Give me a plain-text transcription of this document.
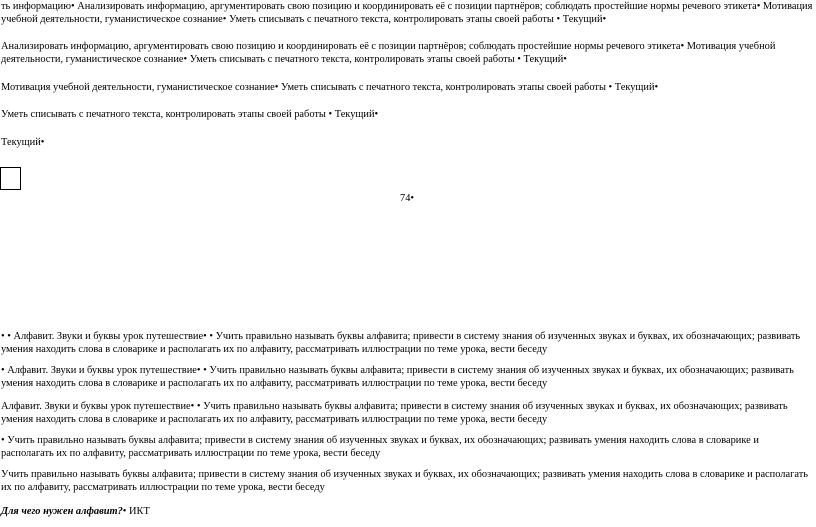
ть информацию• Анализировать информацию, аргументировать свою позицию и координировать её с позиции партнёров; соблюдать простейшие нормы речевого этикета• Мотивация учебной деятельности, гуманистическое сознание• Уметь списывать с печатного текста, контролировать этапы своей работы • Текущий•

Анализировать информацию, аргументировать свою позицию и координировать её с позиции партнёров; соблюдать простейшие нормы речевого этикета• Мотивация учебной деятельности, гуманистическое сознание• Уметь списывать с печатного текста, контролировать этапы своей работы • Текущий•

Мотивация учебной деятельности, гуманистическое сознание• Уметь списывать с печатного текста, контролировать этапы своей работы • Текущий•

Уметь списывать с печатного текста, контролировать этапы своей работы • Текущий•

Текущий•

74•

• • Алфавит. Звуки и буквы урок путешествие• • Учить правильно называть буквы алфавита; привести в систему знания об изученных звуках и буквах, их обозначающих; развивать умения находить слова в словарике и располагать их по алфавиту, рассматривать иллюстрации по теме урока, вести беседу

• Алфавит. Звуки и буквы урок путешествие• • Учить правильно называть буквы алфавита; привести в систему знания об изученных звуках и буквах, их обозначающих; развивать умения находить слова в словарике и располагать их по алфавиту, рассматривать иллюстрации по теме урока, вести беседу

Алфавит. Звуки и буквы урок путешествие• • Учить правильно называть буквы алфавита; привести в систему знания об изученных звуках и буквах, их обозначающих; развивать умения находить слова в словарике и располагать их по алфавиту, рассматривать иллюстрации по теме урока, вести беседу

• Учить правильно называть буквы алфавита; привести в систему знания об изученных звуках и буквах, их обозначающих; развивать умения находить слова в словарике и располагать их по алфавиту, рассматривать иллюстрации по теме урока, вести беседу

Учить правильно называть буквы алфавита; привести в систему знания об изученных звуках и буквах, их обозначающих; развивать умения находить слова в словарике и располагать их по алфавиту, рассматривать иллюстрации по теме урока, вести беседу

Для чего нужен алфавит?• ИКТ
